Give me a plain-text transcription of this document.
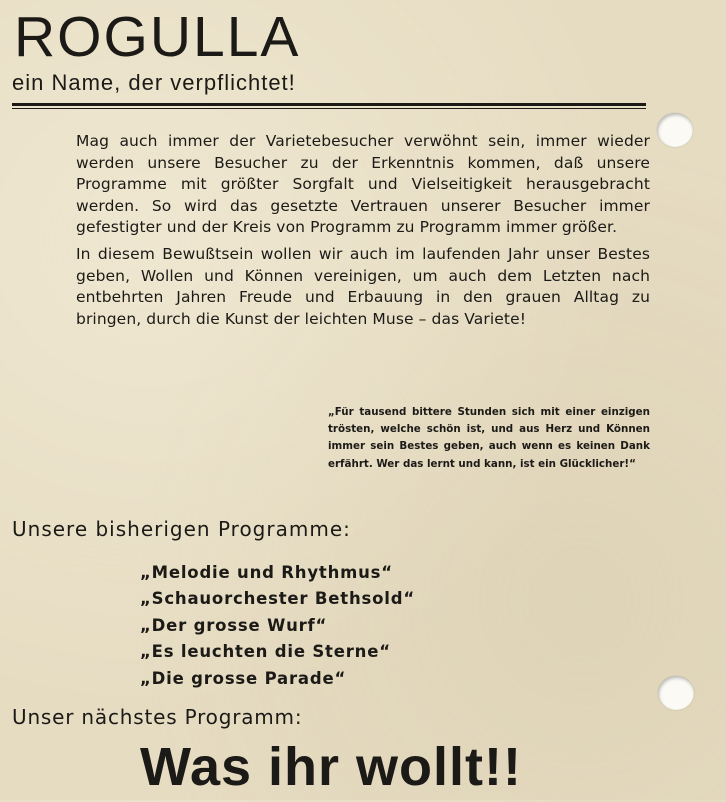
ROGULLA
ein Name, der verpflichtet!

Mag auch immer der Varietebesucher verwöhnt sein, immer wieder werden unsere Besucher zu der Erkenntnis kommen, daß unsere Programme mit größter Sorgfalt und Vielseitigkeit herausgebracht werden. So wird das gesetzte Vertrauen unserer Besucher immer gefestigter und der Kreis von Programm zu Programm immer größer.

In diesem Bewußtsein wollen wir auch im laufenden Jahr unser Bestes geben, Wollen und Können vereinigen, um auch dem Letzten nach entbehrten Jahren Freude und Erbauung in den grauen Alltag zu bringen, durch die Kunst der leichten Muse – das Variete!

„Für tausend bittere Stunden sich mit einer einzigen trösten, welche schön ist, und aus Herz und Können immer sein Bestes geben, auch wenn es keinen Dank erfährt. Wer das lernt und kann, ist ein Glücklicher!“
Unsere bisherigen Programme:
„Melodie und Rhythmus“
„Schauorchester Bethsold“
„Der grosse Wurf“
„Es leuchten die Sterne“
„Die grosse Parade“
Unser nächstes Programm:
Was ihr wollt!!
